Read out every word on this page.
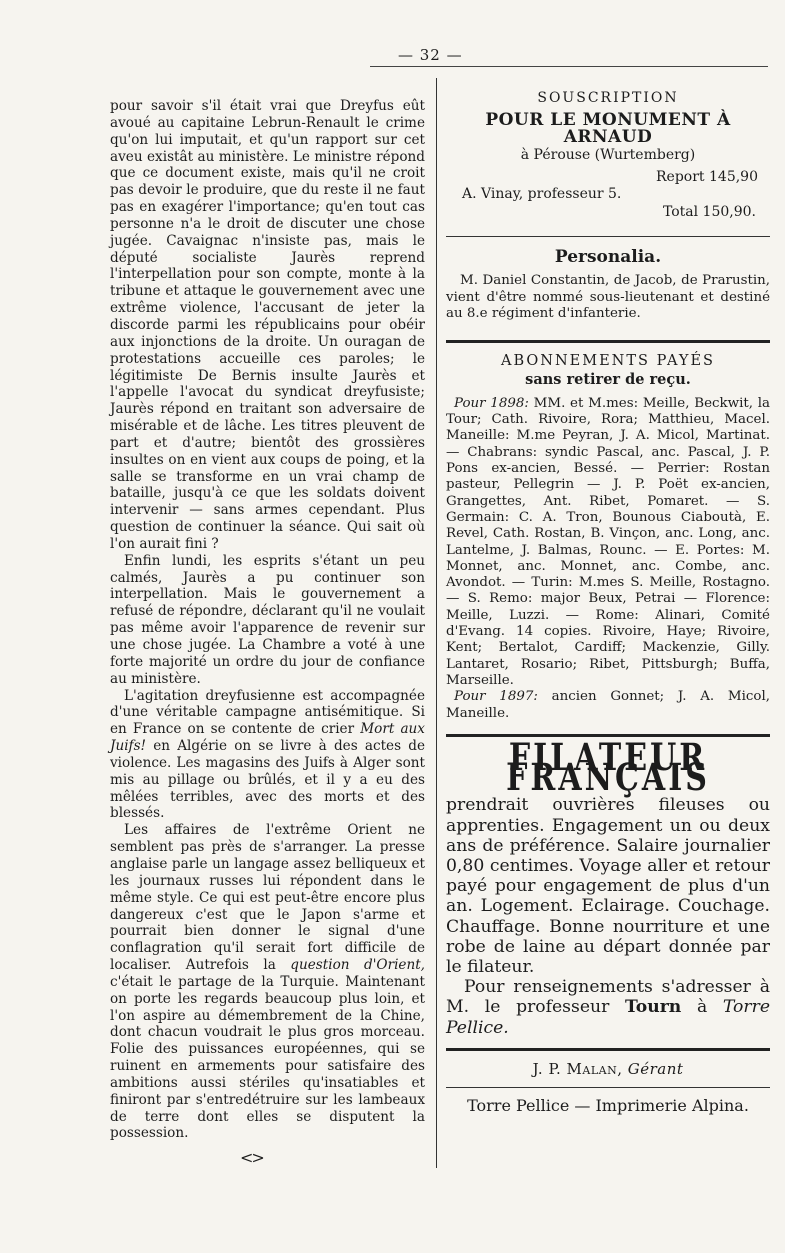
— 32 —

pour savoir s'il était vrai que Dreyfus eût avoué au capitaine Lebrun-Renault le crime qu'on lui imputait, et qu'un rapport sur cet aveu existât au ministère. Le ministre répond que ce document existe, mais qu'il ne croit pas devoir le produire, que du reste il ne faut pas en exagérer l'importance; qu'en tout cas personne n'a le droit de discuter une chose jugée. Cavaignac n'insiste pas, mais le député socialiste Jaurès reprend l'interpellation pour son compte, monte à la tribune et attaque le gouvernement avec une extrême violence, l'accusant de jeter la discorde parmi les républicains pour obéir aux injonctions de la droite. Un ouragan de protestations accueille ces paroles; le légitimiste De Bernis insulte Jaurès et l'appelle l'avocat du syndicat dreyfusiste; Jaurès répond en traitant son adversaire de misérable et de lâche. Les titres pleuvent de part et d'autre; bientôt des grossières insultes on en vient aux coups de poing, et la salle se transforme en un vrai champ de bataille, jusqu'à ce que les soldats doivent intervenir — sans armes cependant. Plus question de continuer la séance. Qui sait où l'on aurait fini ?

Enfin lundi, les esprits s'étant un peu calmés, Jaurès a pu continuer son interpellation. Mais le gouvernement a refusé de répondre, déclarant qu'il ne voulait pas même avoir l'apparence de revenir sur une chose jugée. La Chambre a voté à une forte majorité un ordre du jour de confiance au ministère.

L'agitation dreyfusienne est accompagnée d'une véritable campagne antisémitique. Si en France on se contente de crier Mort aux Juifs! en Algérie on se livre à des actes de violence. Les magasins des Juifs à Alger sont mis au pillage ou brûlés, et il y a eu des mêlées terribles, avec des morts et des blessés.

Les affaires de l'extrême Orient ne semblent pas près de s'arranger. La presse anglaise parle un langage assez belliqueux et les journaux russes lui répondent dans le même style. Ce qui est peut-être encore plus dangereux c'est que le Japon s'arme et pourrait bien donner le signal d'une conflagration qu'il serait fort difficile de localiser. Autrefois la question d'Orient, c'était le partage de la Turquie. Maintenant on porte les regards beaucoup plus loin, et l'on aspire au démembrement de la Chine, dont chacun voudrait le plus gros morceau. Folie des puissances européennes, qui se ruinent en armements pour satisfaire des ambitions aussi stériles qu'insatiables et finiront par s'entredétruire sur les lambeaux de terre dont elles se disputent la possession.

<>
SOUSCRIPTION
POUR LE MONUMENT À ARNAUD
à Pérouse (Wurtemberg)
Report 145,90
A. Vinay, professeur 5.
Total 150,90.
Personalia.
M. Daniel Constantin, de Jacob, de Prarustin, vient d'être nommé sous-lieutenant et destiné au 8.e régiment d'infanterie.
ABONNEMENTS PAYÉS
sans retirer de reçu.

Pour 1898: MM. et M.mes: Meille, Beckwit, la Tour; Cath. Rivoire, Rora; Matthieu, Macel. Maneille: M.me Peyran, J. A. Micol, Martinat. — Chabrans: syndic Pascal, anc. Pascal, J. P. Pons ex-ancien, Bessé. — Perrier: Rostan pasteur, Pellegrin — J. P. Poët ex-ancien, Grangettes, Ant. Ribet, Pomaret. — S. Germain: C. A. Tron, Bounous Ciaboutà, E. Revel, Cath. Rostan, B. Vinçon, anc. Long, anc. Lantelme, J. Balmas, Rounc. — E. Portes: M. Monnet, anc. Monnet, anc. Combe, anc. Avondot. — Turin: M.mes S. Meille, Rostagno. — S. Remo: major Beux, Petrai — Florence: Meille, Luzzi. — Rome: Alinari, Comité d'Evang. 14 copies. Rivoire, Haye; Rivoire, Kent; Bertalot, Cardiff; Mackenzie, Gilly. Lantaret, Rosario; Ribet, Pittsburgh; Buffa, Marseille.

Pour 1897: ancien Gonnet; J. A. Micol, Maneille.

FILATEUR FRANÇAIS

prendrait ouvrières fileuses ou apprenties. Engagement un ou deux ans de préférence. Salaire journalier 0,80 centimes. Voyage aller et retour payé pour engagement de plus d'un an. Logement. Eclairage. Couchage. Chauffage. Bonne nourriture et une robe de laine au départ donnée par le filateur.

Pour renseignements s'adresser à M. le professeur Tourn à Torre Pellice.

J. P. Malan, Gérant
Torre Pellice — Imprimerie Alpina.
